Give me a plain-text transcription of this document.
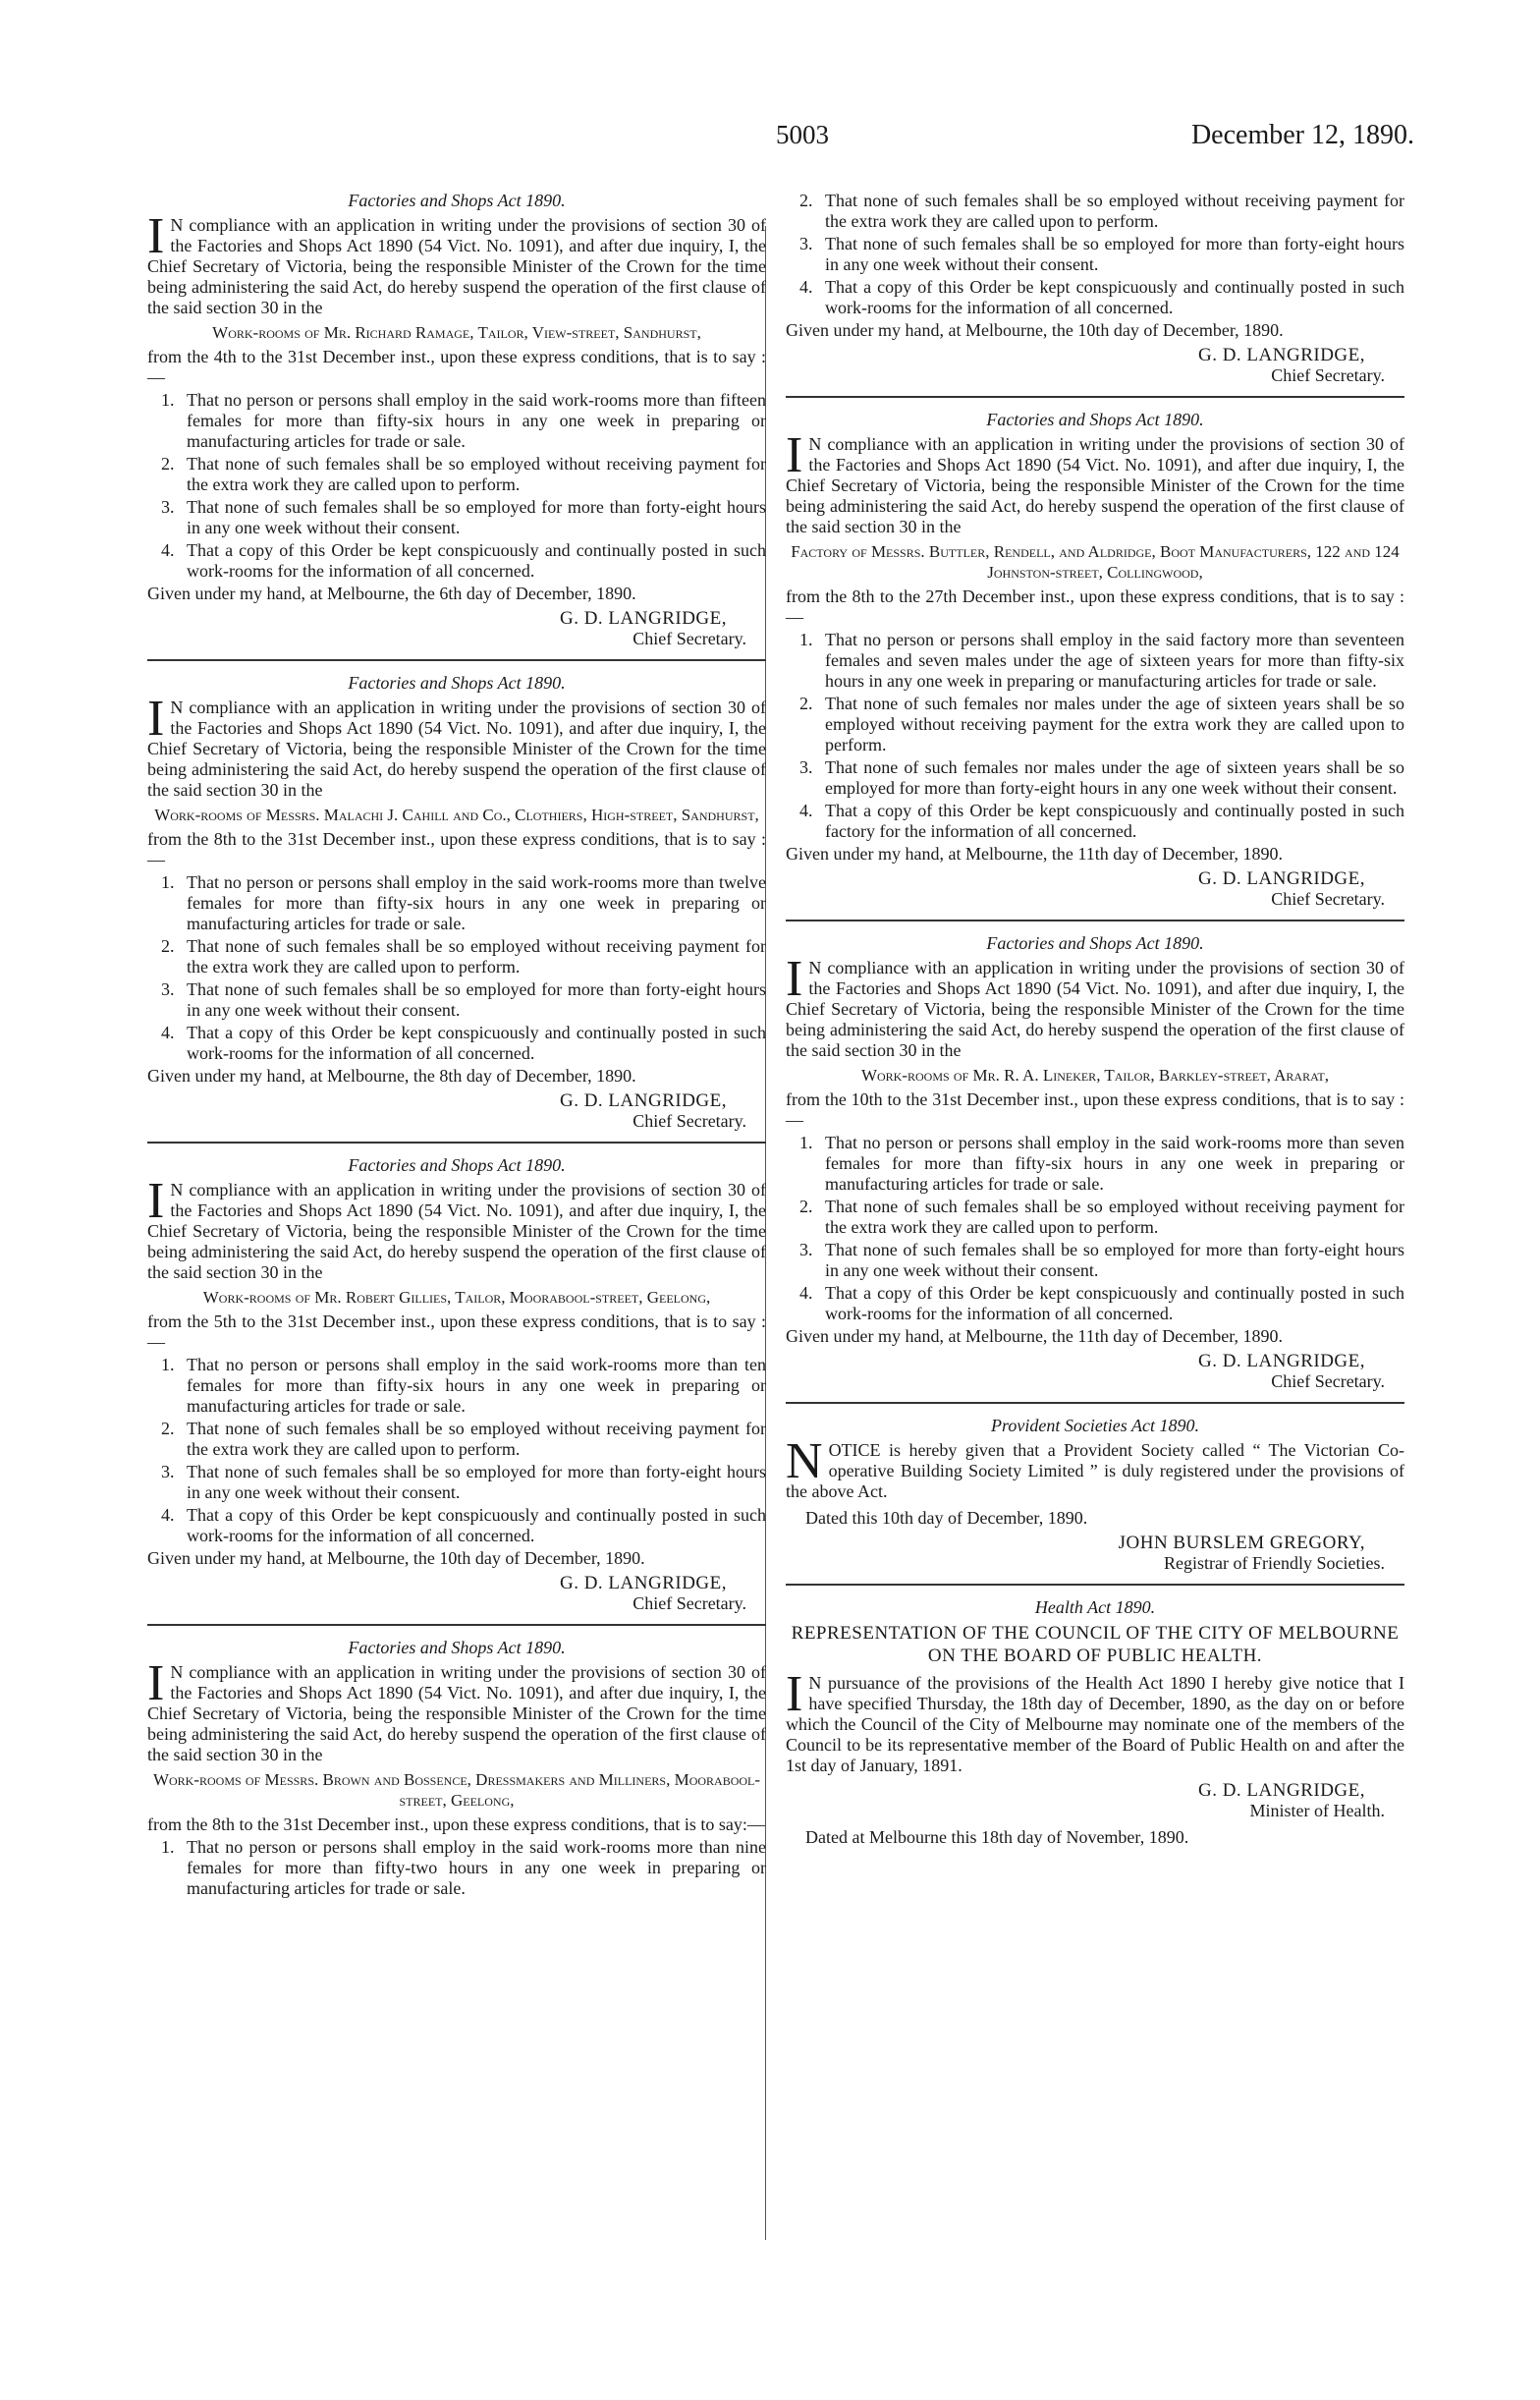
5003	December 12, 1890.
Factories and Shops Act 1890.

I N compliance with an application in writing under the provisions of section 30 of the Factories and Shops Act 1890 (54 Vict. No. 1091), and after due inquiry, I, the Chief Secretary of Victoria, being the responsible Minister of the Crown for the time being administering the said Act, do hereby suspend the operation of the first clause of the said section 30 in the

Work-rooms of Mr. Richard Ramage, Tailor, View-street, Sandhurst,

from the 4th to the 31st December inst., upon these express conditions, that is to say :—

1. That no person or persons shall employ in the said work-rooms more than fifteen females for more than fifty-six hours in any one week in preparing or manufacturing articles for trade or sale.
2. That none of such females shall be so employed without receiving payment for the extra work they are called upon to perform.
3. That none of such females shall be so employed for more than forty-eight hours in any one week without their consent.
4. That a copy of this Order be kept conspicuously and continually posted in such work-rooms for the information of all concerned.

Given under my hand, at Melbourne, the 6th day of December, 1890.

G. D. LANGRIDGE,
Chief Secretary.
Factories and Shops Act 1890.

I N compliance with an application in writing under the provisions of section 30 of the Factories and Shops Act 1890 (54 Vict. No. 1091), and after due inquiry, I, the Chief Secretary of Victoria, being the responsible Minister of the Crown for the time being administering the said Act, do hereby suspend the operation of the first clause of the said section 30 in the

Work-rooms of Messrs. Malachi J. Cahill and Co., Clothiers, High-street, Sandhurst,

from the 8th to the 31st December inst., upon these express conditions, that is to say :—

1. That no person or persons shall employ in the said work-rooms more than twelve females for more than fifty-six hours in any one week in preparing or manufacturing articles for trade or sale.
2. That none of such females shall be so employed without receiving payment for the extra work they are called upon to perform.
3. That none of such females shall be so employed for more than forty-eight hours in any one week without their consent.
4. That a copy of this Order be kept conspicuously and continually posted in such work-rooms for the information of all concerned.

Given under my hand, at Melbourne, the 8th day of December, 1890.

G. D. LANGRIDGE,
Chief Secretary.
Factories and Shops Act 1890.

I N compliance with an application in writing under the provisions of section 30 of the Factories and Shops Act 1890 (54 Vict. No. 1091), and after due inquiry, I, the Chief Secretary of Victoria, being the responsible Minister of the Crown for the time being administering the said Act, do hereby suspend the operation of the first clause of the said section 30 in the

Work-rooms of Mr. Robert Gillies, Tailor, Moorabool-street, Geelong,

from the 5th to the 31st December inst., upon these express conditions, that is to say :—

1. That no person or persons shall employ in the said work-rooms more than ten females for more than fifty-six hours in any one week in preparing or manufacturing articles for trade or sale.
2. That none of such females shall be so employed without receiving payment for the extra work they are called upon to perform.
3. That none of such females shall be so employed for more than forty-eight hours in any one week without their consent.
4. That a copy of this Order be kept conspicuously and continually posted in such work-rooms for the information of all concerned.

Given under my hand, at Melbourne, the 10th day of December, 1890.

G. D. LANGRIDGE,
Chief Secretary.
Factories and Shops Act 1890.

I N compliance with an application in writing under the provisions of section 30 of the Factories and Shops Act 1890 (54 Vict. No. 1091), and after due inquiry, I, the Chief Secretary of Victoria, being the responsible Minister of the Crown for the time being administering the said Act, do hereby suspend the operation of the first clause of the said section 30 in the

Work-rooms of Messrs. Brown and Bossence, Dressmakers and Milliners, Moorabool-street, Geelong,

from the 8th to the 31st December inst., upon these express conditions, that is to say:—

1. That no person or persons shall employ in the said work-rooms more than nine females for more than fifty-two hours in any one week in preparing or manufacturing articles for trade or sale.
2. That none of such females shall be so employed without receiving payment for the extra work they are called upon to perform.
3. That none of such females shall be so employed for more than forty-eight hours in any one week without their consent.
4. That a copy of this Order be kept conspicuously and continually posted in such work-rooms for the information of all concerned.

Given under my hand, at Melbourne, the 10th day of December, 1890.

G. D. LANGRIDGE,
Chief Secretary.
Factories and Shops Act 1890.

I N compliance with an application in writing under the provisions of section 30 of the Factories and Shops Act 1890 (54 Vict. No. 1091), and after due inquiry, I, the Chief Secretary of Victoria, being the responsible Minister of the Crown for the time being administering the said Act, do hereby suspend the operation of the first clause of the said section 30 in the

Factory of Messrs. Buttler, Rendell, and Aldridge, Boot Manufacturers, 122 and 124 Johnston-street, Collingwood,

from the 8th to the 27th December inst., upon these express conditions, that is to say :—

1. That no person or persons shall employ in the said factory more than seventeen females and seven males under the age of sixteen years for more than fifty-six hours in any one week in preparing or manufacturing articles for trade or sale.
2. That none of such females nor males under the age of sixteen years shall be so employed without receiving payment for the extra work they are called upon to perform.
3. That none of such females nor males under the age of sixteen years shall be so employed for more than forty-eight hours in any one week without their consent.
4. That a copy of this Order be kept conspicuously and continually posted in such factory for the information of all concerned.

Given under my hand, at Melbourne, the 11th day of December, 1890.

G. D. LANGRIDGE,
Chief Secretary.
Factories and Shops Act 1890.

I N compliance with an application in writing under the provisions of section 30 of the Factories and Shops Act 1890 (54 Vict. No. 1091), and after due inquiry, I, the Chief Secretary of Victoria, being the responsible Minister of the Crown for the time being administering the said Act, do hereby suspend the operation of the first clause of the said section 30 in the

Work-rooms of Mr. R. A. Lineker, Tailor, Barkley-street, Ararat,

from the 10th to the 31st December inst., upon these express conditions, that is to say :—

1. That no person or persons shall employ in the said work-rooms more than seven females for more than fifty-six hours in any one week in preparing or manufacturing articles for trade or sale.
2. That none of such females shall be so employed without receiving payment for the extra work they are called upon to perform.
3. That none of such females shall be so employed for more than forty-eight hours in any one week without their consent.
4. That a copy of this Order be kept conspicuously and continually posted in such work-rooms for the information of all concerned.

Given under my hand, at Melbourne, the 11th day of December, 1890.

G. D. LANGRIDGE,
Chief Secretary.
Provident Societies Act 1890.

NOTICE is hereby given that a Provident Society called “ The Victorian Co-operative Building Society Limited ” is duly registered under the provisions of the above Act.

Dated this 10th day of December, 1890.

JOHN BURSLEM GREGORY,
Registrar of Friendly Societies.
Health Act 1890.
REPRESENTATION OF THE COUNCIL OF THE CITY OF MELBOURNE ON THE BOARD OF PUBLIC HEALTH.

I N pursuance of the provisions of the Health Act 1890 I hereby give notice that I have specified Thursday, the 18th day of December, 1890, as the day on or before which the Council of the City of Melbourne may nominate one of the members of the Council to be its representative member of the Board of Public Health on and after the 1st day of January, 1891.

G. D. LANGRIDGE,
Minister of Health.

Dated at Melbourne this 18th day of November, 1890.
